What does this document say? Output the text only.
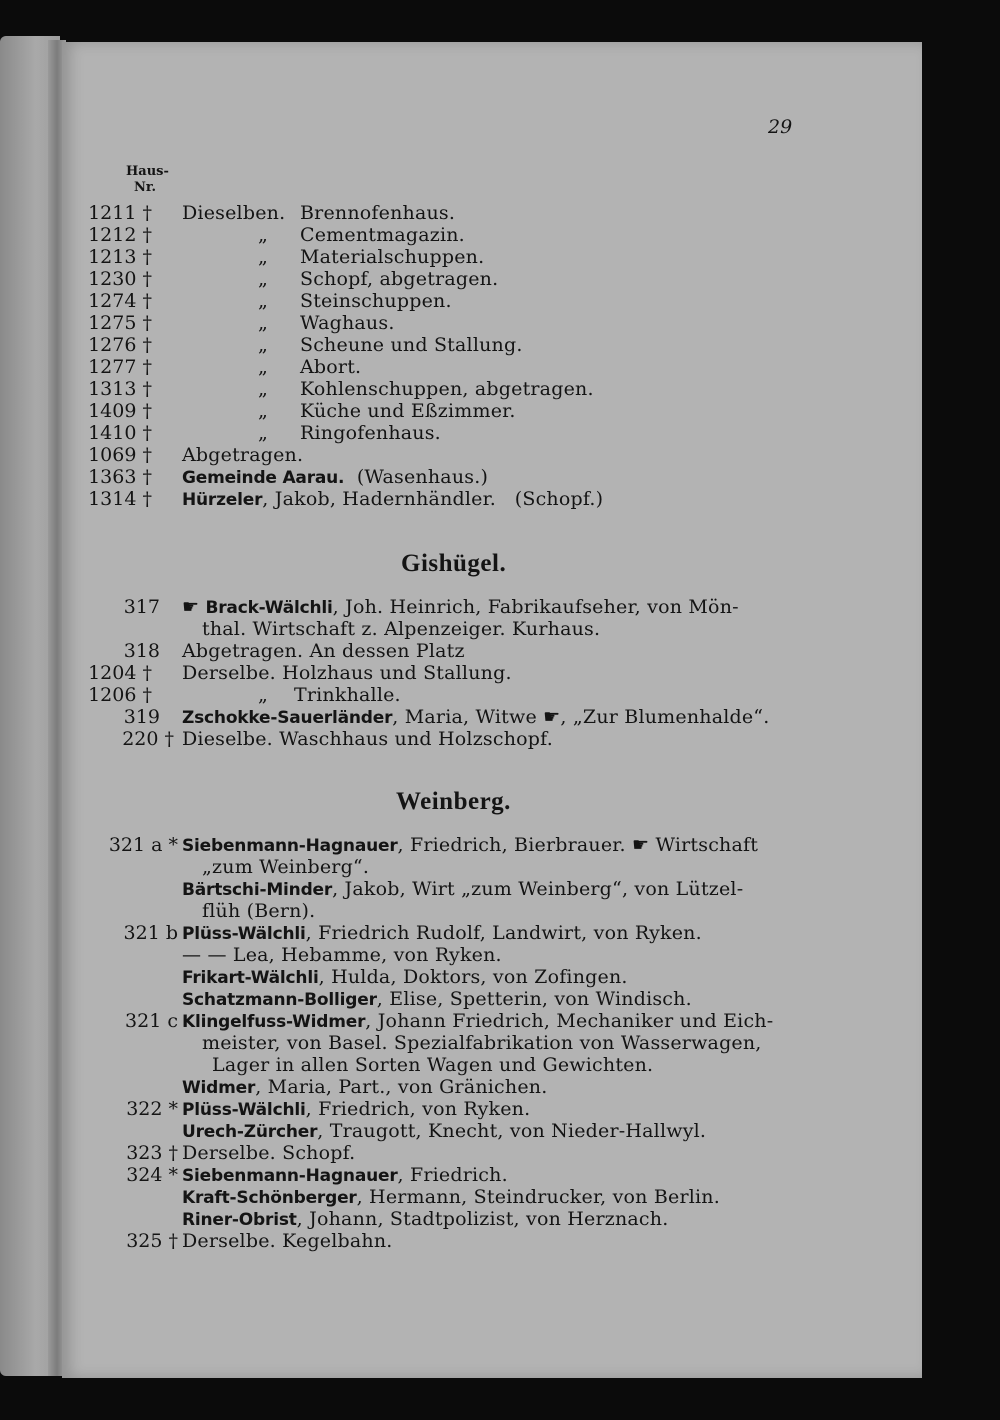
29
Haus-
Nr.
1211 † Dieselben. Brennofenhaus.
1212 †	„ Cementmagazin.
1213 †	„ Materialschuppen.
1230 †	„ Schopf, abgetragen.
1274 †	„ Steinschuppen.
1275 †	„ Waghaus.
1276 †	„ Scheune und Stallung.
1277 †	„ Abort.
1313 †	„ Kohlenschuppen, abgetragen.
1409 †	„ Küche und Eßzimmer.
1410 †	„ Ringofenhaus.
1069 † Abgetragen.
1363 † Gemeinde Aarau. (Wasenhaus.)
1314 † Hürzeler, Jakob, Hadernhändler.   (Schopf.)
Gishügel.
317 ☛ Brack-Wälchli, Joh. Heinrich, Fabrikaufseher, von Mön-
thal. Wirtschaft z. Alpenzeiger. Kurhaus.
318 Abgetragen. An dessen Platz
1204 † Derselbe. Holzhaus und Stallung.
1206 †	„ Trinkhalle.
319 Zschokke-Sauerländer, Maria, Witwe ☛, „Zur Blumenhalde“.
220 † Dieselbe. Waschhaus und Holzschopf.
Weinberg.
321 a * Siebenmann-Hagnauer, Friedrich, Bierbrauer. ☛ Wirtschaft
„zum Weinberg“.
Bärtschi-Minder, Jakob, Wirt „zum Weinberg“, von Lützel-
flüh (Bern).
321 b Plüss-Wälchli, Friedrich Rudolf, Landwirt, von Ryken.
— — Lea, Hebamme, von Ryken.
Frikart-Wälchli, Hulda, Doktors, von Zofingen.
Schatzmann-Bolliger, Elise, Spetterin, von Windisch.
321 c Klingelfuss-Widmer, Johann Friedrich, Mechaniker und Eich-
meister, von Basel. Spezialfabrikation von Wasserwagen,
Lager in allen Sorten Wagen und Gewichten.
Widmer, Maria, Part., von Gränichen.
322 * Plüss-Wälchli, Friedrich, von Ryken.
Urech-Zürcher, Traugott, Knecht, von Nieder-Hallwyl.
323 † Derselbe. Schopf.
324 * Siebenmann-Hagnauer, Friedrich.
Kraft-Schönberger, Hermann, Steindrucker, von Berlin.
Riner-Obrist, Johann, Stadtpolizist, von Herznach.
325 † Derselbe. Kegelbahn.
